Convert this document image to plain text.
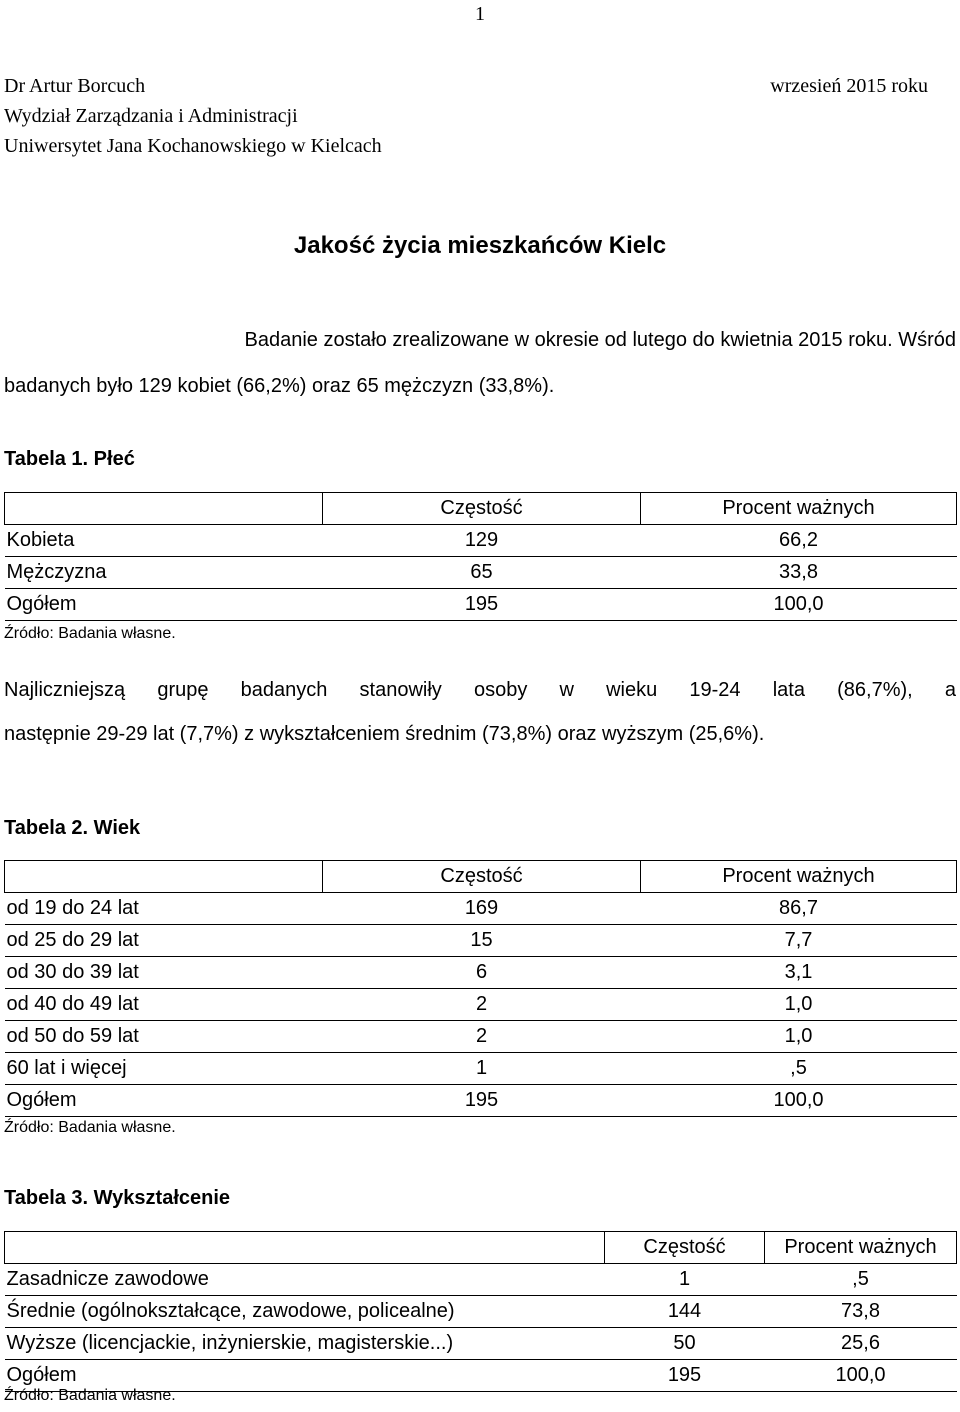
1
Dr Artur Borcuch
Wydział Zarządzania i Administracji
Uniwersytet Jana Kochanowskiego w Kielcach
wrzesień 2015 roku
Jakość życia mieszkańców Kielc
Badanie zostało zrealizowane w okresie od lutego do kwietnia 2015 roku. Wśród
badanych było 129 kobiet (66,2%) oraz 65 mężczyzn (33,8%).
Tabela 1. Płeć
	Częstość	Procent ważnych
Kobieta	129	66,2
Mężczyzna	65	33,8
Ogółem	195	100,0
Źródło: Badania własne.
Najliczniejszą grupę badanych stanowiły osoby w wieku 19-24 lata (86,7%), a
następnie 29-29 lat (7,7%) z wykształceniem średnim (73,8%) oraz wyższym (25,6%).
Tabela 2. Wiek
	Częstość	Procent ważnych
od 19 do 24 lat	169	86,7
od 25 do 29 lat	15	7,7
od 30 do 39 lat	6	3,1
od 40 do 49 lat	2	1,0
od 50 do 59 lat	2	1,0
60 lat i więcej	1	,5
Ogółem	195	100,0
Źródło: Badania własne.
Tabela 3. Wykształcenie
	Częstość	Procent ważnych
Zasadnicze zawodowe	1	,5
Średnie (ogólnokształcące, zawodowe, policealne)	144	73,8
Wyższe (licencjackie, inżynierskie, magisterskie...)	50	25,6
Ogółem	195	100,0
Źródło: Badania własne.
